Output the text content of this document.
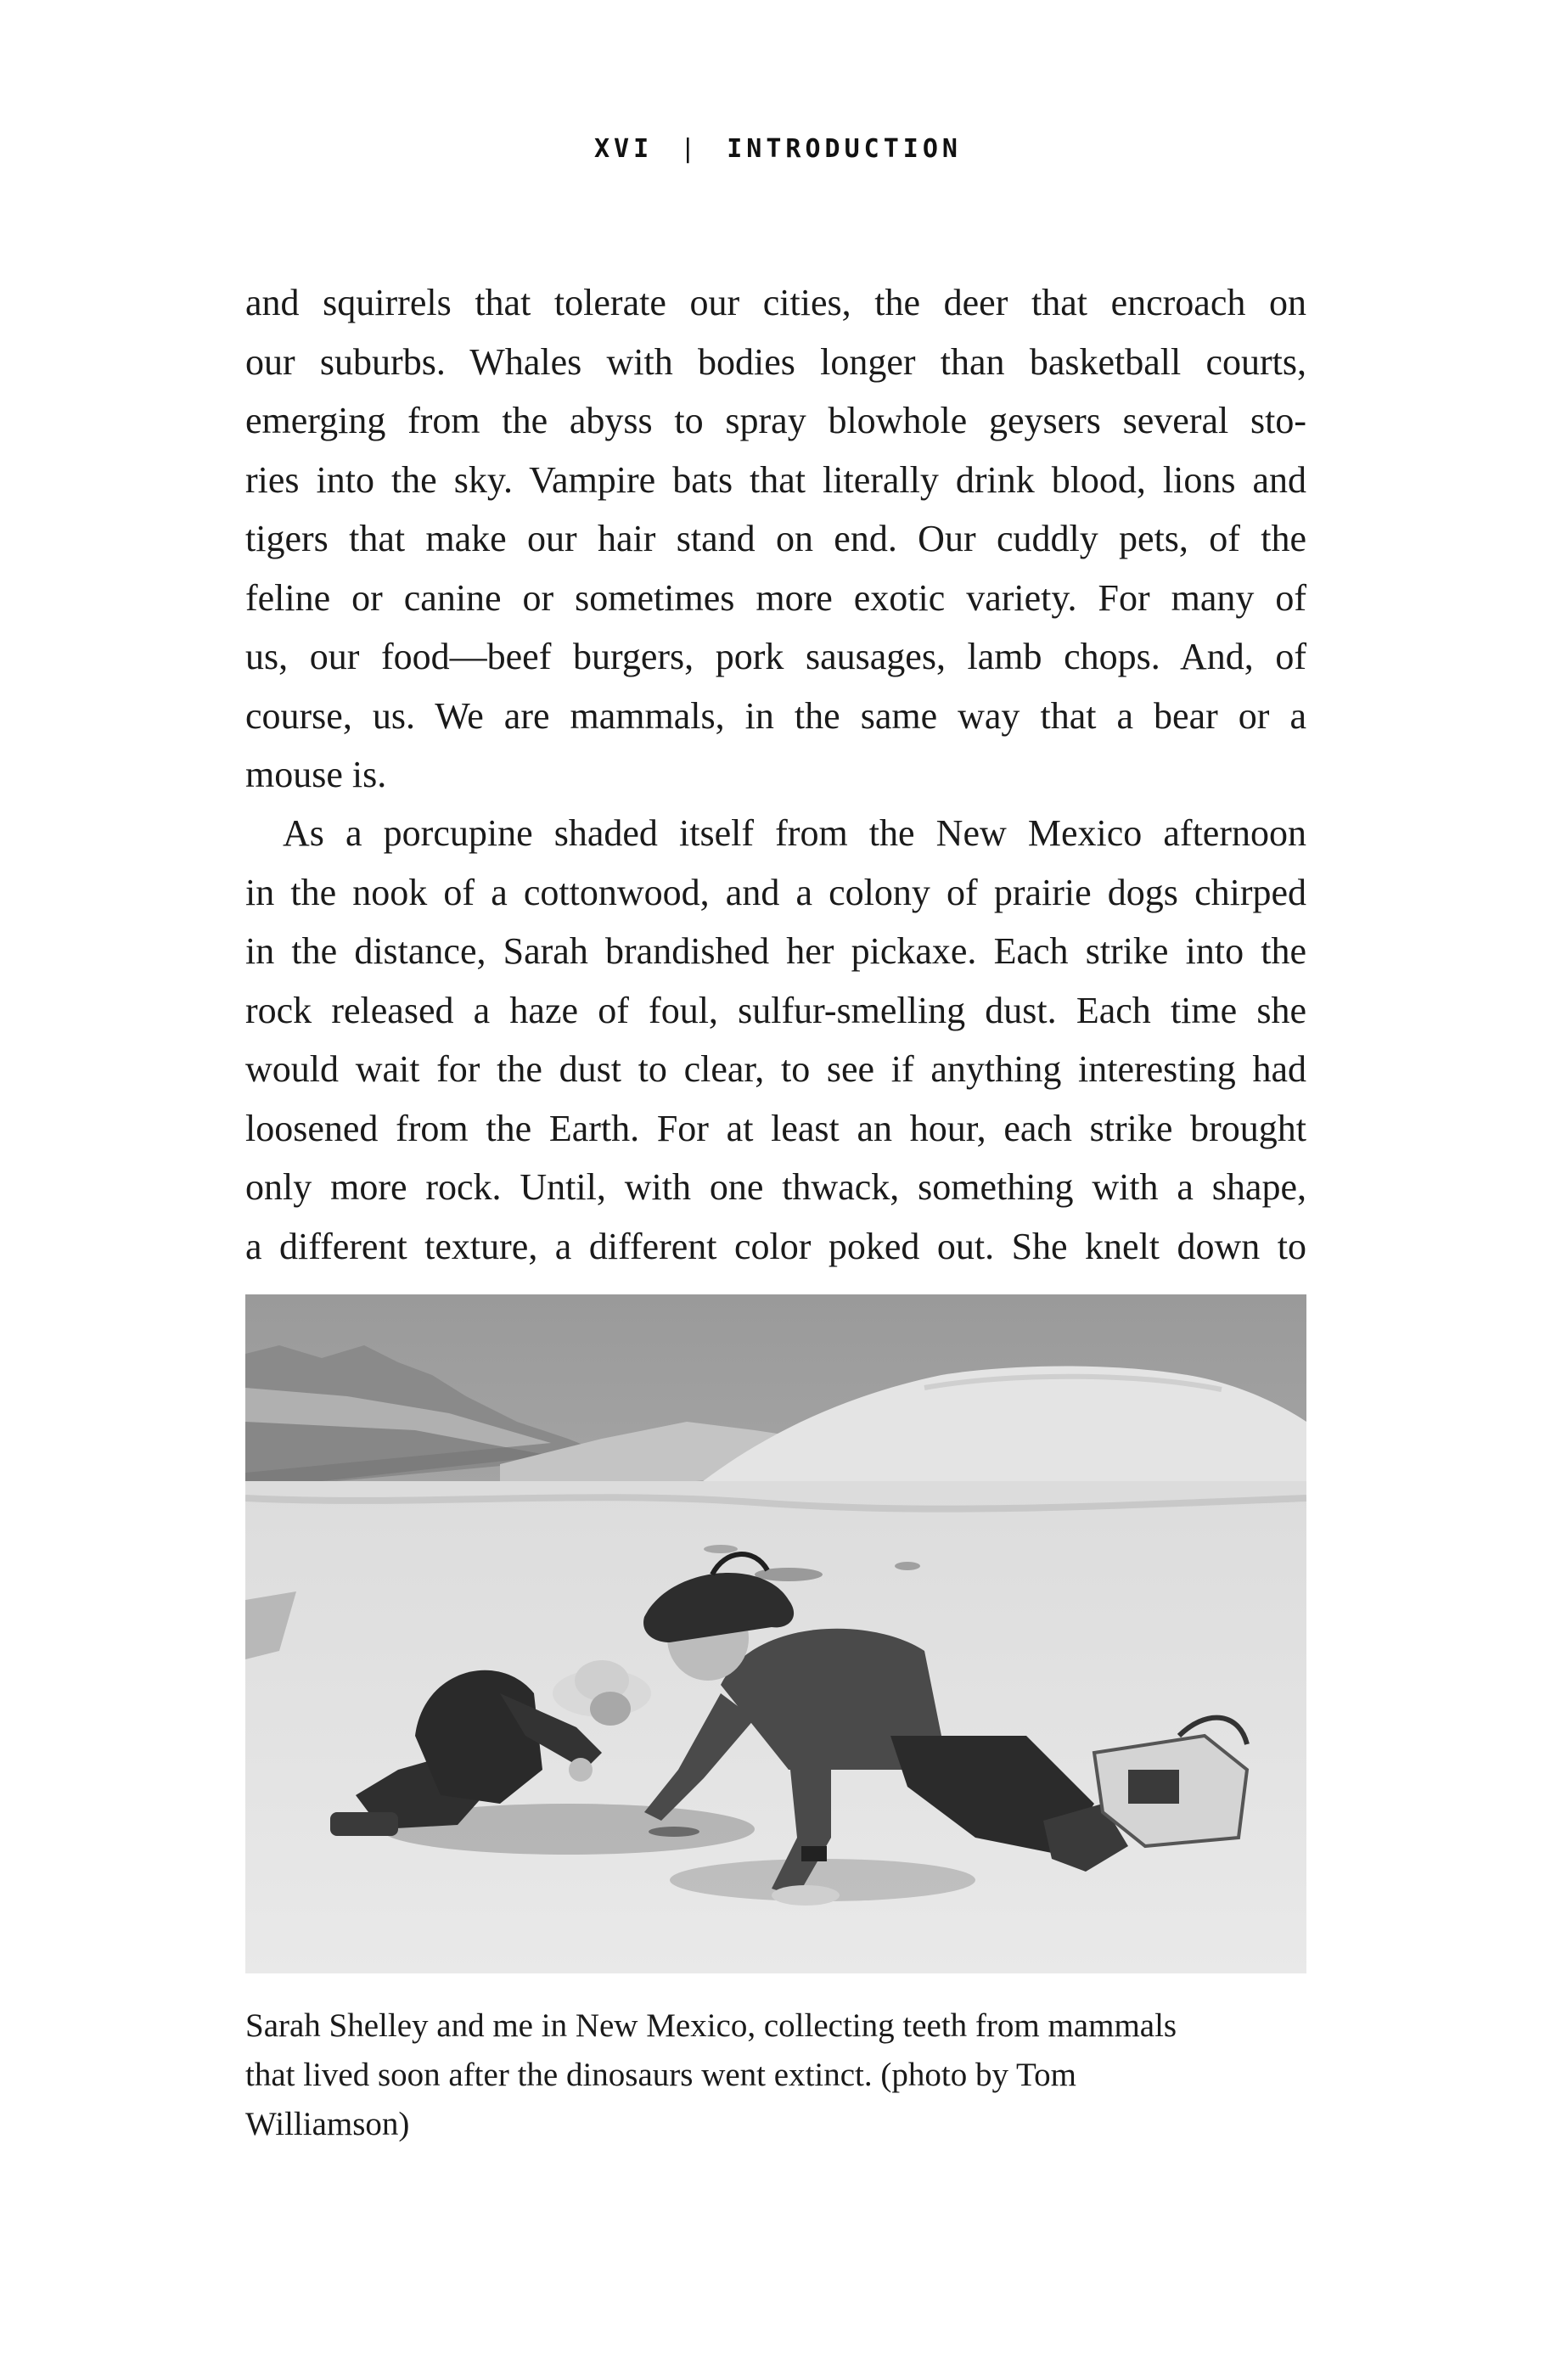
XVI | INTRODUCTION
and squirrels that tolerate our cities, the deer that encroach on
our suburbs. Whales with bodies longer than basketball courts,
emerging from the abyss to spray blowhole geysers several sto-
ries into the sky. Vampire bats that literally drink blood, lions and
tigers that make our hair stand on end. Our cuddly pets, of the
feline or canine or sometimes more exotic variety. For many of
us, our food—beef burgers, pork sausages, lamb chops. And, of
course, us. We are mammals, in the same way that a bear or a
mouse is.
As a porcupine shaded itself from the New Mexico afternoon
in the nook of a cottonwood, and a colony of prairie dogs chirped
in the distance, Sarah brandished her pickaxe. Each strike into the
rock released a haze of foul, sulfur-smelling dust. Each time she
would wait for the dust to clear, to see if anything interesting had
loosened from the Earth. For at least an hour, each strike brought
only more rock. Until, with one thwack, something with a shape,
a different texture, a different color poked out. She knelt down to
Sarah Shelley and me in New Mexico, collecting teeth from mammals
that lived soon after the dinosaurs went extinct. (photo by Tom
Williamson)
